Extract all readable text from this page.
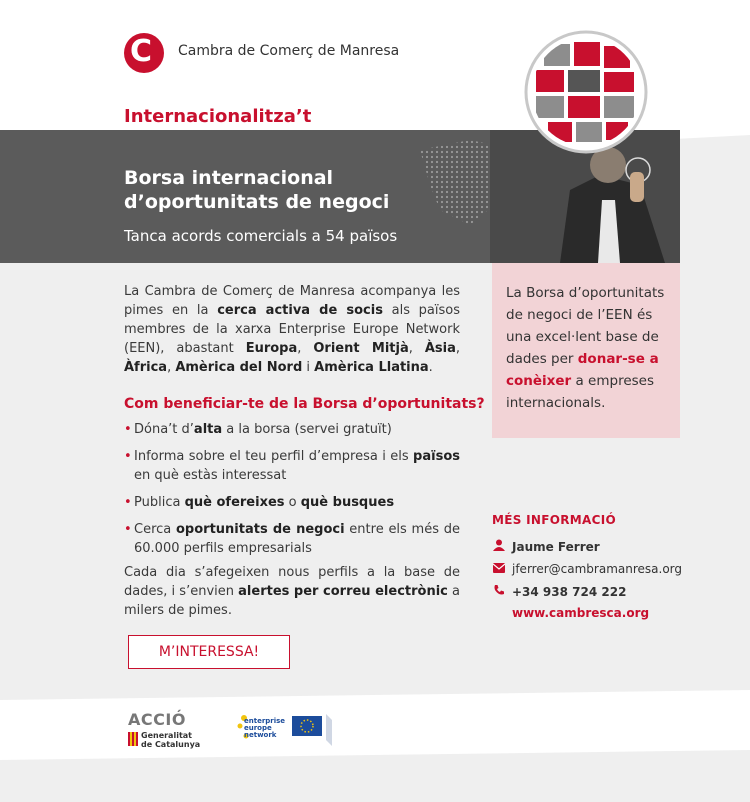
C Cambra de Comerç de Manresa
Internacionalitza’t
Borsa internacional d’oportunitats de negoci
Tanca acords comercials a 54 països
La Cambra de Comerç de Manresa acompanya les pimes en la cerca activa de socis als països membres de la xarxa Enterprise Europe Network (EEN), abastant Europa, Orient Mitjà, Àsia, Àfrica, Amèrica del Nord i Amèrica Llatina.
Com beneficiar-te de la Borsa d’oportunitats?
• Dóna’t d’alta a la borsa (servei gratuït)
• Informa sobre el teu perfil d’empresa i els països en què estàs interessat
• Publica què ofereixes o què busques
• Cerca oportunitats de negoci entre els més de 60.000 perfils empresarials
Cada dia s’afegeixen nous perfils a la base de dades, i s’envien alertes per correu electrònic a milers de pimes.
M’INTERESSA!
La Borsa d’oportunitats de negoci de l’EEN és una excel·lent base de dades per donar-se a conèixer a empreses internacionals.
MÉS INFORMACIÓ
Jaume Ferrer
jferrer@cambramanresa.org
+34 938 724 222
www.cambresca.org
ACCIÓ
Generalitat
de Catalunya
enterprise
europe
network
